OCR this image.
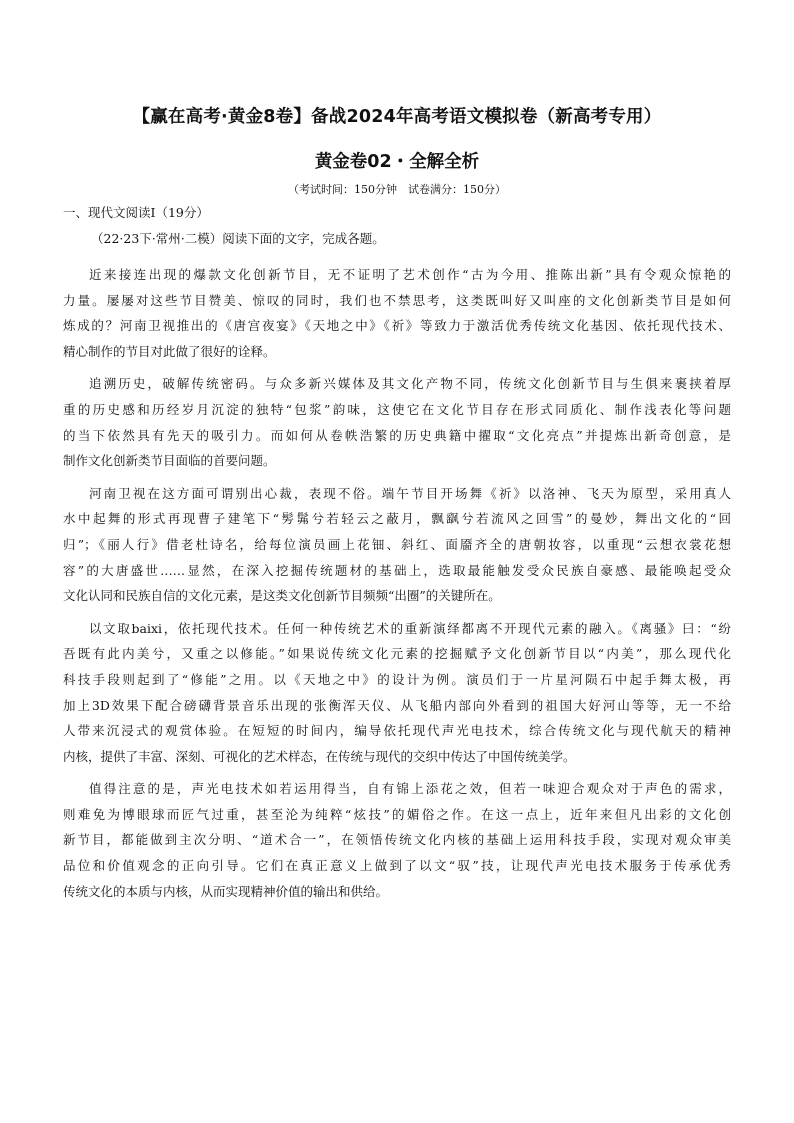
【赢在高考·黄金8卷】备战2024年高考语文模拟卷（新高考专用）
黄金卷02・全解全析
（考试时间：150分钟　试卷满分：150分）
一、现代文阅读Ⅰ（19分）
（22·23下·常州·二模）阅读下面的文字，完成各题。
近来接连出现的爆款文化创新节目，无不证明了艺术创作“古为今用、推陈出新”具有令观众惊艳的
力量。屡屡对这些节目赞美、惊叹的同时，我们也不禁思考，这类既叫好又叫座的文化创新类节目是如何
炼成的？河南卫视推出的《唐宫夜宴》《天地之中》《祈》等致力于激活优秀传统文化基因、依托现代技术、
精心制作的节目对此做了很好的诠释。
追溯历史，破解传统密码。与众多新兴媒体及其文化产物不同，传统文化创新节目与生俱来裹挟着厚
重的历史感和历经岁月沉淀的独特“包浆”韵味，这使它在文化节目存在形式同质化、制作浅表化等问题
的当下依然具有先天的吸引力。而如何从卷帙浩繁的历史典籍中擢取“文化亮点”并提炼出新奇创意，是
制作文化创新类节目面临的首要问题。
河南卫视在这方面可谓别出心裁，表现不俗。端午节目开场舞《祈》以洛神、飞天为原型，采用真人
水中起舞的形式再现曹子建笔下“髣髴兮若轻云之蔽月，飘飖兮若流风之回雪”的曼妙，舞出文化的“回
归”；《丽人行》借老杜诗名，给每位演员画上花钿、斜红、面靥齐全的唐朝妆容，以重现“云想衣裳花想
容”的大唐盛世……显然，在深入挖掘传统题材的基础上，选取最能触发受众民族自豪感、最能唤起受众
文化认同和民族自信的文化元素，是这类文化创新节目频频“出圈”的关键所在。
以文取baixi，依托现代技术。任何一种传统艺术的重新演绎都离不开现代元素的融入。《离骚》曰：“纷
吾既有此内美兮，又重之以修能。”如果说传统文化元素的挖掘赋予文化创新节目以“内美”，那么现代化
科技手段则起到了“修能”之用。以《天地之中》的设计为例。演员们于一片星河陨石中起手舞太极，再
加上3D效果下配合磅礴背景音乐出现的张衡浑天仪、从飞船内部向外看到的祖国大好河山等等，无一不给
人带来沉浸式的观赏体验。在短短的时间内，编导依托现代声光电技术，综合传统文化与现代航天的精神
内核，提供了丰富、深刻、可视化的艺术样态，在传统与现代的交织中传达了中国传统美学。
值得注意的是，声光电技术如若运用得当，自有锦上添花之效，但若一味迎合观众对于声色的需求，
则难免为博眼球而匠气过重，甚至沦为纯粹“炫技”的媚俗之作。在这一点上，近年来但凡出彩的文化创
新节目，都能做到主次分明、“道术合一”，在领悟传统文化内核的基础上运用科技手段，实现对观众审美
品位和价值观念的正向引导。它们在真正意义上做到了以文“驭”技，让现代声光电技术服务于传承优秀
传统文化的本质与内核，从而实现精神价值的输出和供给。
